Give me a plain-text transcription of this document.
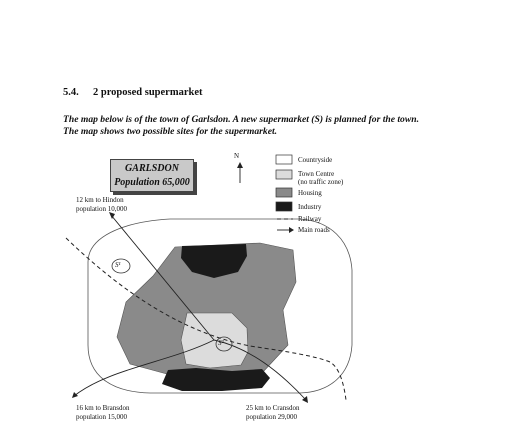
5.4. 2 proposed supermarket
The map below is of the town of Garlsdon. A new supermarket (S) is planned for the town.
The map shows two possible sites for the supermarket.
GARLSDON
Population 65,000
N	Countryside
Town Centre
(no traffic zone)
Housing
Industry
Railway
Main roads
12 km to Hindon
population 10,000
16 km to Bransdon
population 15,000
25 km to Cransdon
population 29,000
S¹
S²
